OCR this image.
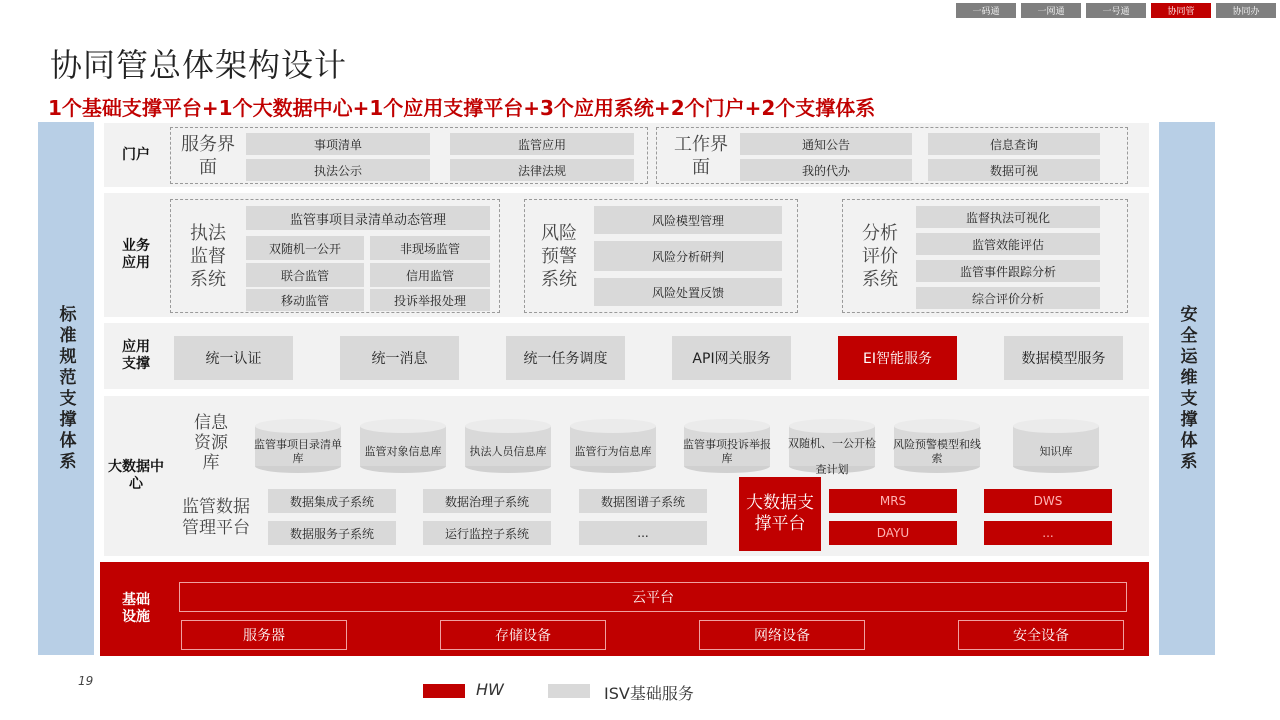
一码通	一网通	一号通	协同管	协同办
协同管总体架构设计
1个基础支撑平台+1个大数据中心+1个应用支撑平台+3个应用系统+2个门户+2个支撑体系
标准规范支撑体系	安全运维支撑体系
门户	服务界面
事项清单	监管应用
执法公示	法律法规
工作界面
通知公告	信息查询
我的代办	数据可视
业务应用
执法监督系统
监管事项目录清单动态管理
双随机一公开	非现场监管
联合监管	信用监管
移动监管	投诉举报处理
风险预警系统
风险模型管理
风险分析研判
风险处置反馈
分析评价系统
监督执法可视化
监管效能评估
监管事件跟踪分析
综合评价分析
应用支撑	统一认证	统一消息	统一任务调度	API网关服务	EI智能服务	数据模型服务
大数据中心
信息资源库
监管事项目录清单库
监管对象信息库	执法人员信息库	监管行为信息库
监管事项投诉举报库
双随机、一公开检查计划
风险预警模型和线索
知识库
监管数据管理平台
数据集成子系统	数据治理子系统	数据图谱子系统
数据服务子系统	运行监控子系统	...
大数据支撑平台
MRS	DWS
DAYU	...
基础设施
云平台
服务器	存储设备	网络设备	安全设备
19	HW	ISV基础服务
